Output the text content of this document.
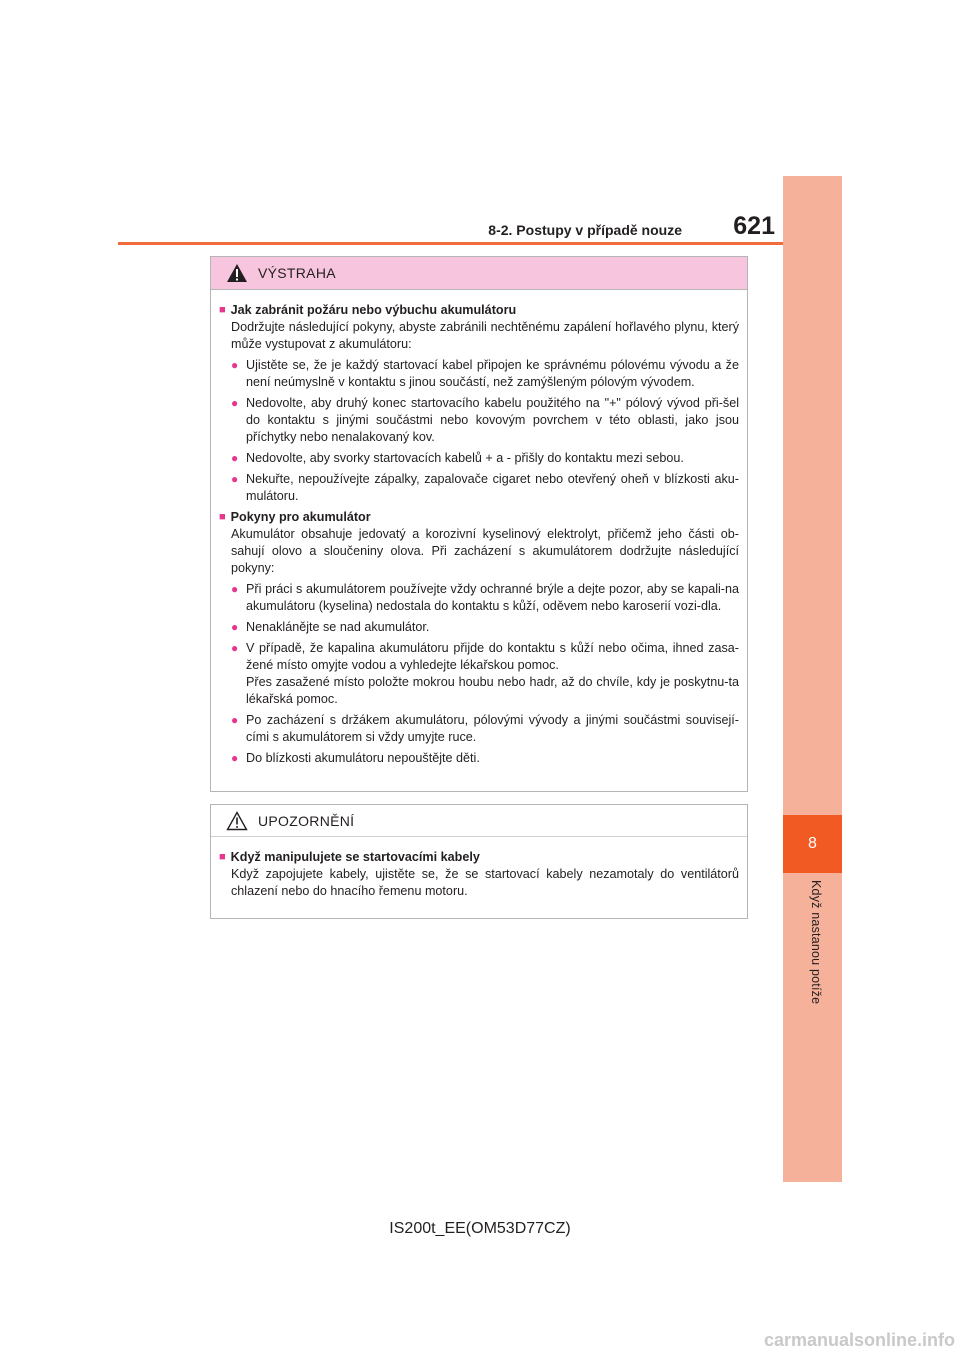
8-2. Postupy v případě nouze	621
8
Když nastanou potíže
VÝSTRAHA
■ Jak zabránit požáru nebo výbuchu akumulátoru
Dodržujte následující pokyny, abyste zabránili nechtěnému zapálení hořlavého plynu, který může vystupovat z akumulátoru:
● Ujistěte se, že je každý startovací kabel připojen ke správnému pólovému vývodu a že není neúmyslně v kontaktu s jinou součástí, než zamýšleným pólovým vývodem.
● Nedovolte, aby druhý konec startovacího kabelu použitého na "+" pólový vývod při-šel do kontaktu s jinými součástmi nebo kovovým povrchem v této oblasti, jako jsou příchytky nebo nenalakovaný kov.
● Nedovolte, aby svorky startovacích kabelů + a - přišly do kontaktu mezi sebou.
● Nekuřte, nepoužívejte zápalky, zapalovače cigaret nebo otevřený oheň v blízkosti aku-mulátoru.
■ Pokyny pro akumulátor
Akumulátor obsahuje jedovatý a korozivní kyselinový elektrolyt, přičemž jeho části ob-sahují olovo a sloučeniny olova. Při zacházení s akumulátorem dodržujte následující pokyny:
● Při práci s akumulátorem používejte vždy ochranné brýle a dejte pozor, aby se kapali-na akumulátoru (kyselina) nedostala do kontaktu s kůží, oděvem nebo karoserií vozi-dla.
● Nenaklánějte se nad akumulátor.
● V případě, že kapalina akumulátoru přijde do kontaktu s kůží nebo očima, ihned zasa-žené místo omyjte vodou a vyhledejte lékařskou pomoc.
Přes zasažené místo položte mokrou houbu nebo hadr, až do chvíle, kdy je poskytnu-ta lékařská pomoc.
● Po zacházení s držákem akumulátoru, pólovými vývody a jinými součástmi souvisejí-cími s akumulátorem si vždy umyjte ruce.
● Do blízkosti akumulátoru nepouštějte děti.
UPOZORNĚNÍ
■ Když manipulujete se startovacími kabely
Když zapojujete kabely, ujistěte se, že se startovací kabely nezamotaly do ventilátorů chlazení nebo do hnacího řemenu motoru.
IS200t_EE(OM53D77CZ)
carmanualsonline.info
